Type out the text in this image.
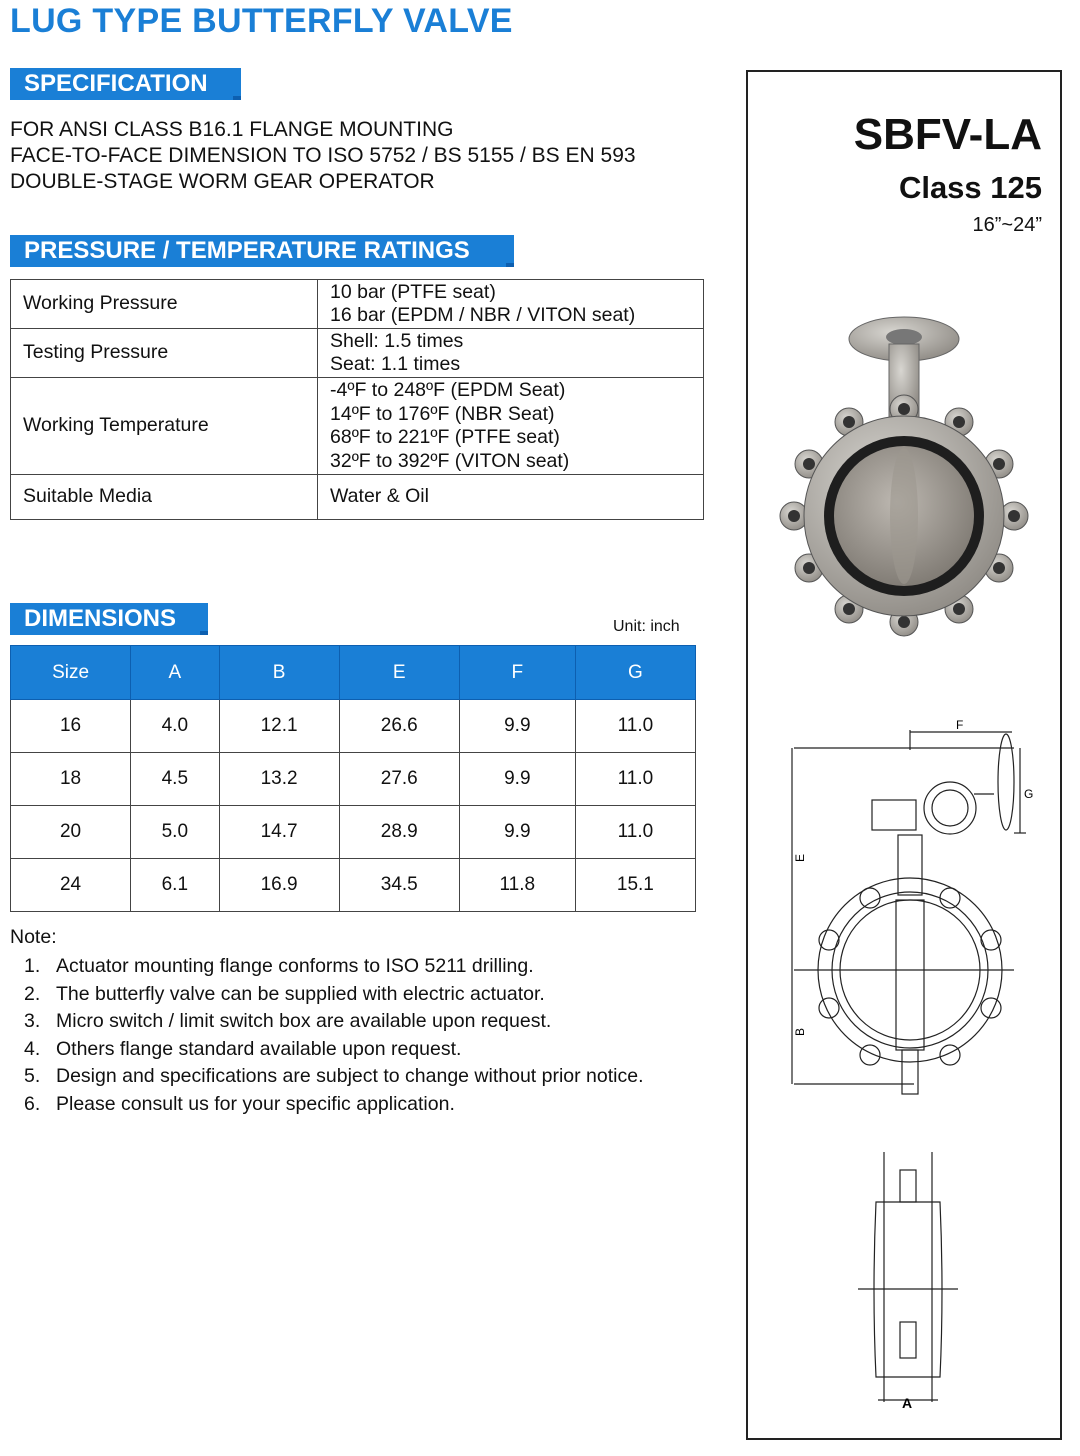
LUG TYPE BUTTERFLY VALVE
SPECIFICATION
FOR ANSI CLASS B16.1 FLANGE MOUNTING
FACE-TO-FACE DIMENSION TO ISO 5752 / BS 5155 / BS EN 593
DOUBLE-STAGE WORM GEAR OPERATOR
PRESSURE / TEMPERATURE RATINGS
Working Pressure	10 bar (PTFE seat)
16 bar (EPDM / NBR / VITON seat)

Testing Pressure	Shell: 1.5 times
Seat: 1.1 times

Working Temperature	-4ºF to 248ºF (EPDM Seat)
14ºF to 176ºF (NBR Seat)
68ºF to 221ºF (PTFE seat)
32ºF to 392ºF (VITON seat)

Suitable Media	Water & Oil
DIMENSIONS	Unit: inch
Size	A	B	E	F	G
16	4.0	12.1	26.6	9.9	11.0
18	4.5	13.2	27.6	9.9	11.0
20	5.0	14.7	28.9	9.9	11.0
24	6.1	16.9	34.5	11.8	15.1
Note:
1. Actuator mounting flange conforms to ISO 5211 drilling.
2. The butterfly valve can be supplied with electric actuator.
3. Micro switch / limit switch box are available upon request.
4. Others flange standard available upon request.
5. Design and specifications are subject to change without prior notice.
6. Please consult us for your specific application.
SBFV-LA
Class 125
16”~24”
E
B
F
G
A
